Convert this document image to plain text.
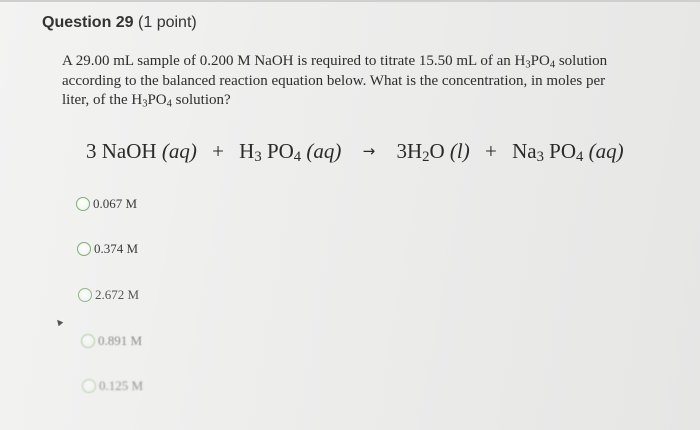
Question 29 (1 point)
A 29.00 mL sample of 0.200 M NaOH is required to titrate 15.50 mL of an $H_3PO_4$ solution
according to the balanced reaction equation below. What is the concentration, in moles per
liter, of the $H_3PO_4$ solution?
3 NaOH $(aq) + H_3$ $PO_4$ $(aq) \to 3H_2O$ $(l) + Na_3$ $PO_4$ (aq)
0.067 M
0.374 M
2.672 M
0.891 M
0.125 M
